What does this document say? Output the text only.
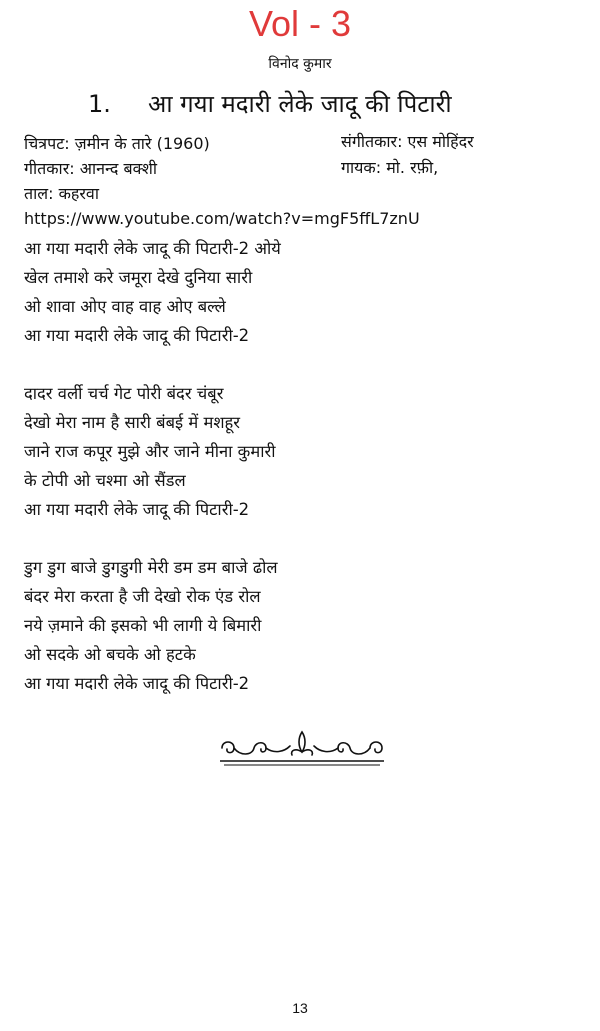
Vol - 3
विनोद कुमार
1. आ गया मदारी लेके जादू की पिटारी
चित्रपट: ज़मीन के तारे (1960)	संगीतकार: एस मोहिंदर
गीतकार: आनन्द बक्शी	गायक: मो. रफ़ी,
ताल: कहरवा
https://www.youtube.com/watch?v=mgF5ffL7znU
आ गया मदारी लेके जादू की पिटारी-2 ओये
खेल तमाशे करे जमूरा देखे दुनिया सारी
ओ शावा ओए वाह वाह ओए बल्ले
आ गया मदारी लेके जादू की पिटारी-2
दादर वर्ली चर्च गेट पोरी बंदर चंबूर
देखो मेरा नाम है सारी बंबई में मशहूर
जाने राज कपूर मुझे और जाने मीना कुमारी
के टोपी ओ चश्मा ओ सैंडल
आ गया मदारी लेके जादू की पिटारी-2
डुग डुग बाजे डुगडुगी मेरी डम डम बाजे ढोल
बंदर मेरा करता है जी देखो रोक एंड रोल
नये ज़माने की इसको भी लागी ये बिमारी
ओ सदके ओ बचके ओ हटके
आ गया मदारी लेके जादू की पिटारी-2
13
